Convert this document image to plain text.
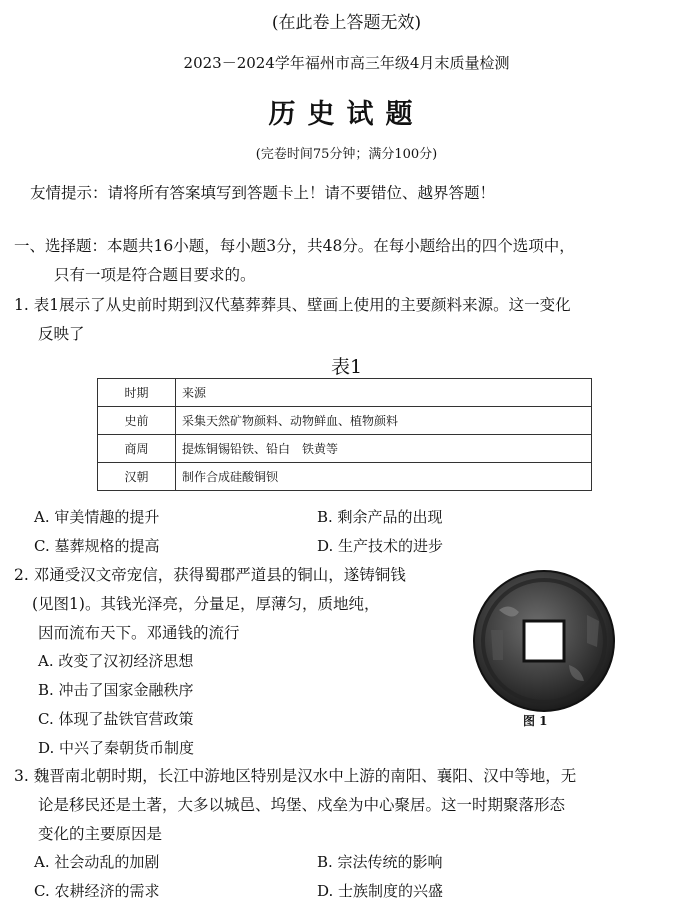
(在此卷上答题无效)
2023－2024学年福州市高三年级4月末质量检测
历史试题
(完卷时间75分钟；满分100分)
友情提示：请将所有答案填写到答题卡上！请不要错位、越界答题！
一、选择题：本题共16小题，每小题3分，共48分。在每小题给出的四个选项中，
只有一项是符合题目要求的。
1. 表1展示了从史前时期到汉代墓葬葬具、壁画上使用的主要颜料来源。这一变化
反映了
表1
时期	来源
史前	采集天然矿物颜料、动物鲜血、植物颜料
商周	提炼铜锡铅铁、铅白　铁黄等
汉朝	制作合成硅酸铜钡
A. 审美情趣的提升	B. 剩余产品的出现
C. 墓葬规格的提高	D. 生产技术的进步
2. 邓通受汉文帝宠信，获得蜀郡严道县的铜山，遂铸铜钱
(见图1)。其钱光泽亮，分量足，厚薄匀，质地纯，
因而流布天下。邓通钱的流行
A. 改变了汉初经济思想
B. 冲击了国家金融秩序
C. 体现了盐铁官营政策
D. 中兴了秦朝货币制度
图 1
3. 魏晋南北朝时期，长江中游地区特别是汉水中上游的南阳、襄阳、汉中等地，无
论是移民还是土著，大多以城邑、坞堡、戍垒为中心聚居。这一时期聚落形态
变化的主要原因是
A. 社会动乱的加剧	B. 宗法传统的影响
C. 农耕经济的需求	D. 士族制度的兴盛
